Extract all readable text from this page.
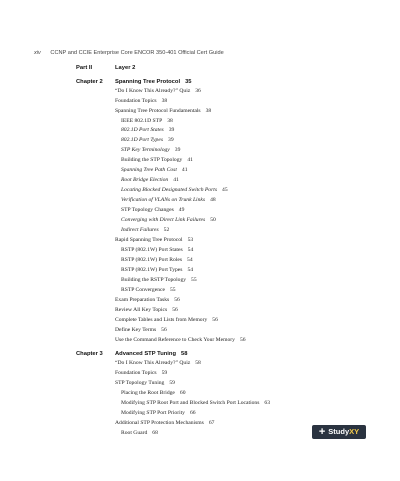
xiv CCNP and CCIE Enterprise Core ENCOR 350-401 Official Cert Guide
Part II	Layer 2
Chapter 2 Spanning Tree Protocol 35
“Do I Know This Already?” Quiz 36
Foundation Topics 38
Spanning Tree Protocol Fundamentals 38
IEEE 802.1D STP 38
802.1D Port States 39
802.1D Port Types 39
STP Key Terminology 39
Building the STP Topology 41
Spanning Tree Path Cost 41
Root Bridge Election 41
Locating Blocked Designated Switch Ports 45
Verification of VLANs on Trunk Links 48
STP Topology Changes 49
Converging with Direct Link Failures 50
Indirect Failures 52
Rapid Spanning Tree Protocol 53
RSTP (802.1W) Port States 54
RSTP (802.1W) Port Roles 54
RSTP (802.1W) Port Types 54
Building the RSTP Topology 55
RSTP Convergence 55
Exam Preparation Tasks 56
Review All Key Topics 56
Complete Tables and Lists from Memory 56
Define Key Terms 56
Use the Command Reference to Check Your Memory 56
Chapter 3 Advanced STP Tuning 58
“Do I Know This Already?” Quiz 58
Foundation Topics 59
STP Topology Tuning 59
Placing the Root Bridge 60
Modifying STP Root Port and Blocked Switch Port Locations 63
Modifying STP Port Priority 66
Additional STP Protection Mechanisms 67
Root Guard 68	+ StudyXY
